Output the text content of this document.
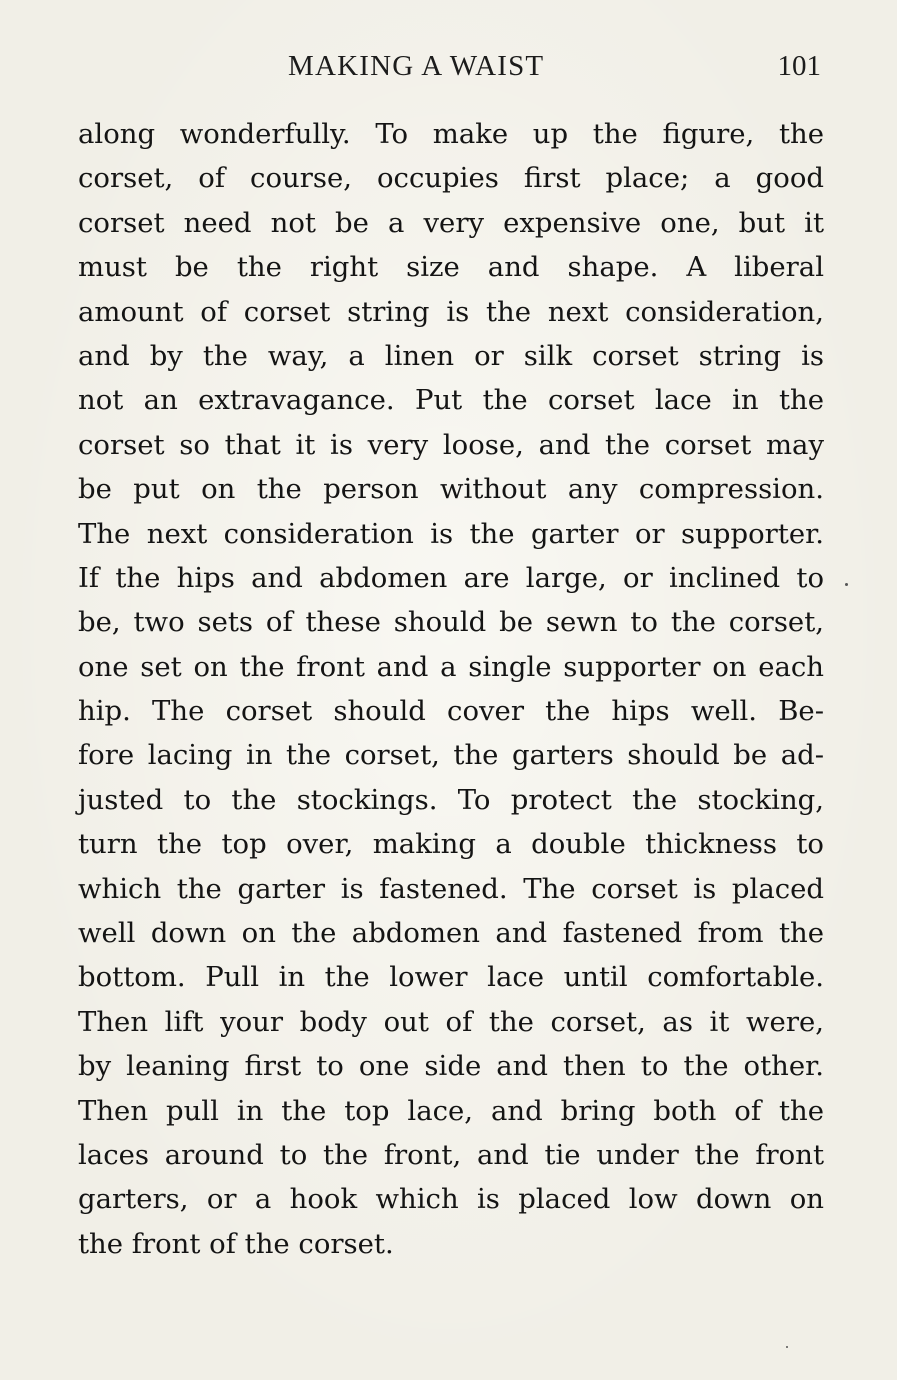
MAKING A WAIST	101
along wonderfully. To make up the figure, the
corset, of course, occupies first place; a good
corset need not be a very expensive one, but it
must be the right size and shape. A liberal
amount of corset string is the next consideration,
and by the way, a linen or silk corset string is
not an extravagance. Put the corset lace in the
corset so that it is very loose, and the corset may
be put on the person without any compression.
The next consideration is the garter or supporter.
If the hips and abdomen are large, or inclined to
be, two sets of these should be sewn to the corset,
one set on the front and a single supporter on each
hip. The corset should cover the hips well. Be-
fore lacing in the corset, the garters should be ad-
justed to the stockings. To protect the stocking,
turn the top over, making a double thickness to
which the garter is fastened. The corset is placed
well down on the abdomen and fastened from the
bottom. Pull in the lower lace until comfortable.
Then lift your body out of the corset, as it were,
by leaning first to one side and then to the other.
Then pull in the top lace, and bring both of the
laces around to the front, and tie under the front
garters, or a hook which is placed low down on
the front of the corset.
